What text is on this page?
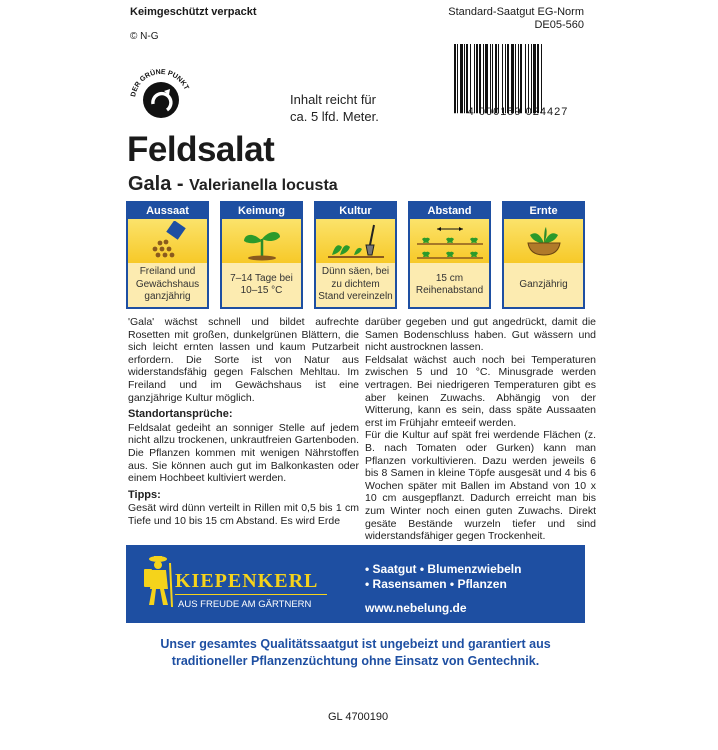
Keimgeschützt verpackt
© N-G
Standard-Saatgut EG-Norm
DE05-560
DER GRÜNE PUNKT
4 000159 024427
Inhalt reicht für
ca. 5 lfd. Meter.
Feldsalat
Gala - Valerianella locusta
Aussaat
Freiland und Gewächshaus ganzjährig
Keimung
7–14 Tage bei 10–15 °C
Kultur
Dünn säen, bei zu dichtem Stand vereinzeln
Abstand
15 cm Reihenabstand
Ernte
Ganzjährig

'Gala' wächst schnell und bildet aufrechte Rosetten mit großen, dunkelgrünen Blättern, die sich leicht ernten lassen und kaum Putzarbeit erfordern. Die Sorte ist von Natur aus widerstandsfähig gegen Falschen Mehltau. Im Freiland und im Gewächshaus ist eine ganzjährige Kultur möglich.

Standortansprüche:

Feldsalat gedeiht an sonniger Stelle auf jedem nicht allzu trockenen, unkrautfreien Gartenboden. Die Pflanzen kommen mit wenigen Nährstoffen aus. Sie können auch gut im Balkonkasten oder einem Hochbeet kultiviert werden.

Tipps:

Gesät wird dünn verteilt in Rillen mit 0,5 bis 1 cm Tiefe und 10 bis 15 cm Abstand. Es wird Erde

darüber gegeben und gut angedrückt, damit die Samen Bodenschluss haben. Gut wässern und nicht austrocknen lassen.

Feldsalat wächst auch noch bei Temperaturen zwischen 5 und 10 °C. Minusgrade werden vertragen. Bei niedrigeren Temperaturen gibt es aber keinen Zuwachs. Abhängig von der Witterung, kann es sein, dass späte Aussaaten erst im Frühjahr emteeif werden.

Für die Kultur auf spät frei werdende Flächen (z. B. nach Tomaten oder Gurken) kann man Pflanzen vorkultivieren. Dazu werden jeweils 6 bis 8 Samen in kleine Töpfe ausgesät und 4 bis 6 Wochen später mit Ballen im Abstand von 10 x 10 cm ausgepflanzt. Dadurch erreicht man bis zum Winter noch einen guten Zuwachs. Direkt gesäte Bestände wurzeln tiefer und sind widerstandsfähiger gegen Trockenheit.

KIEPENKERL
AUS FREUDE AM GÄRTNERN
• Saatgut • Blumenzwiebeln
• Rasensamen • Pflanzen
www.nebelung.de
Unser gesamtes Qualitätssaatgut ist ungebeizt und garantiert aus
traditioneller Pflanzenzüchtung ohne Einsatz von Gentechnik.
GL 4700190
